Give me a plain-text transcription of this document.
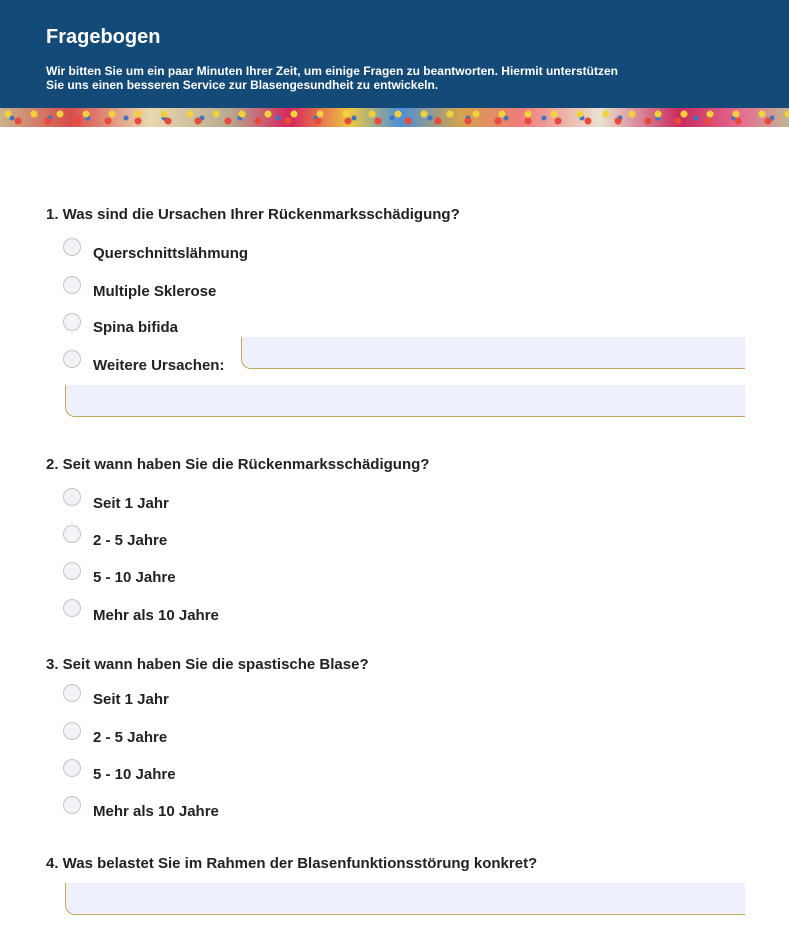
Fragebogen

Wir bitten Sie um ein paar Minuten Ihrer Zeit, um einige Fragen zu beantworten. Hiermit unterstützen
Sie uns einen besseren Service zur Blasengesundheit zu entwickeln.

1. Was sind die Ursachen Ihrer Rückenmarksschädigung?
Querschnittslähmung
Multiple Sklerose
Spina bifida
Weitere Ursachen:
2. Seit wann haben Sie die Rückenmarksschädigung?
Seit 1 Jahr
2 - 5 Jahre
5 - 10 Jahre
Mehr als 10 Jahre
3. Seit wann haben Sie die spastische Blase?
Seit 1 Jahr
2 - 5 Jahre
5 - 10 Jahre
Mehr als 10 Jahre
4. Was belastet Sie im Rahmen der Blasenfunktionsstörung konkret?
